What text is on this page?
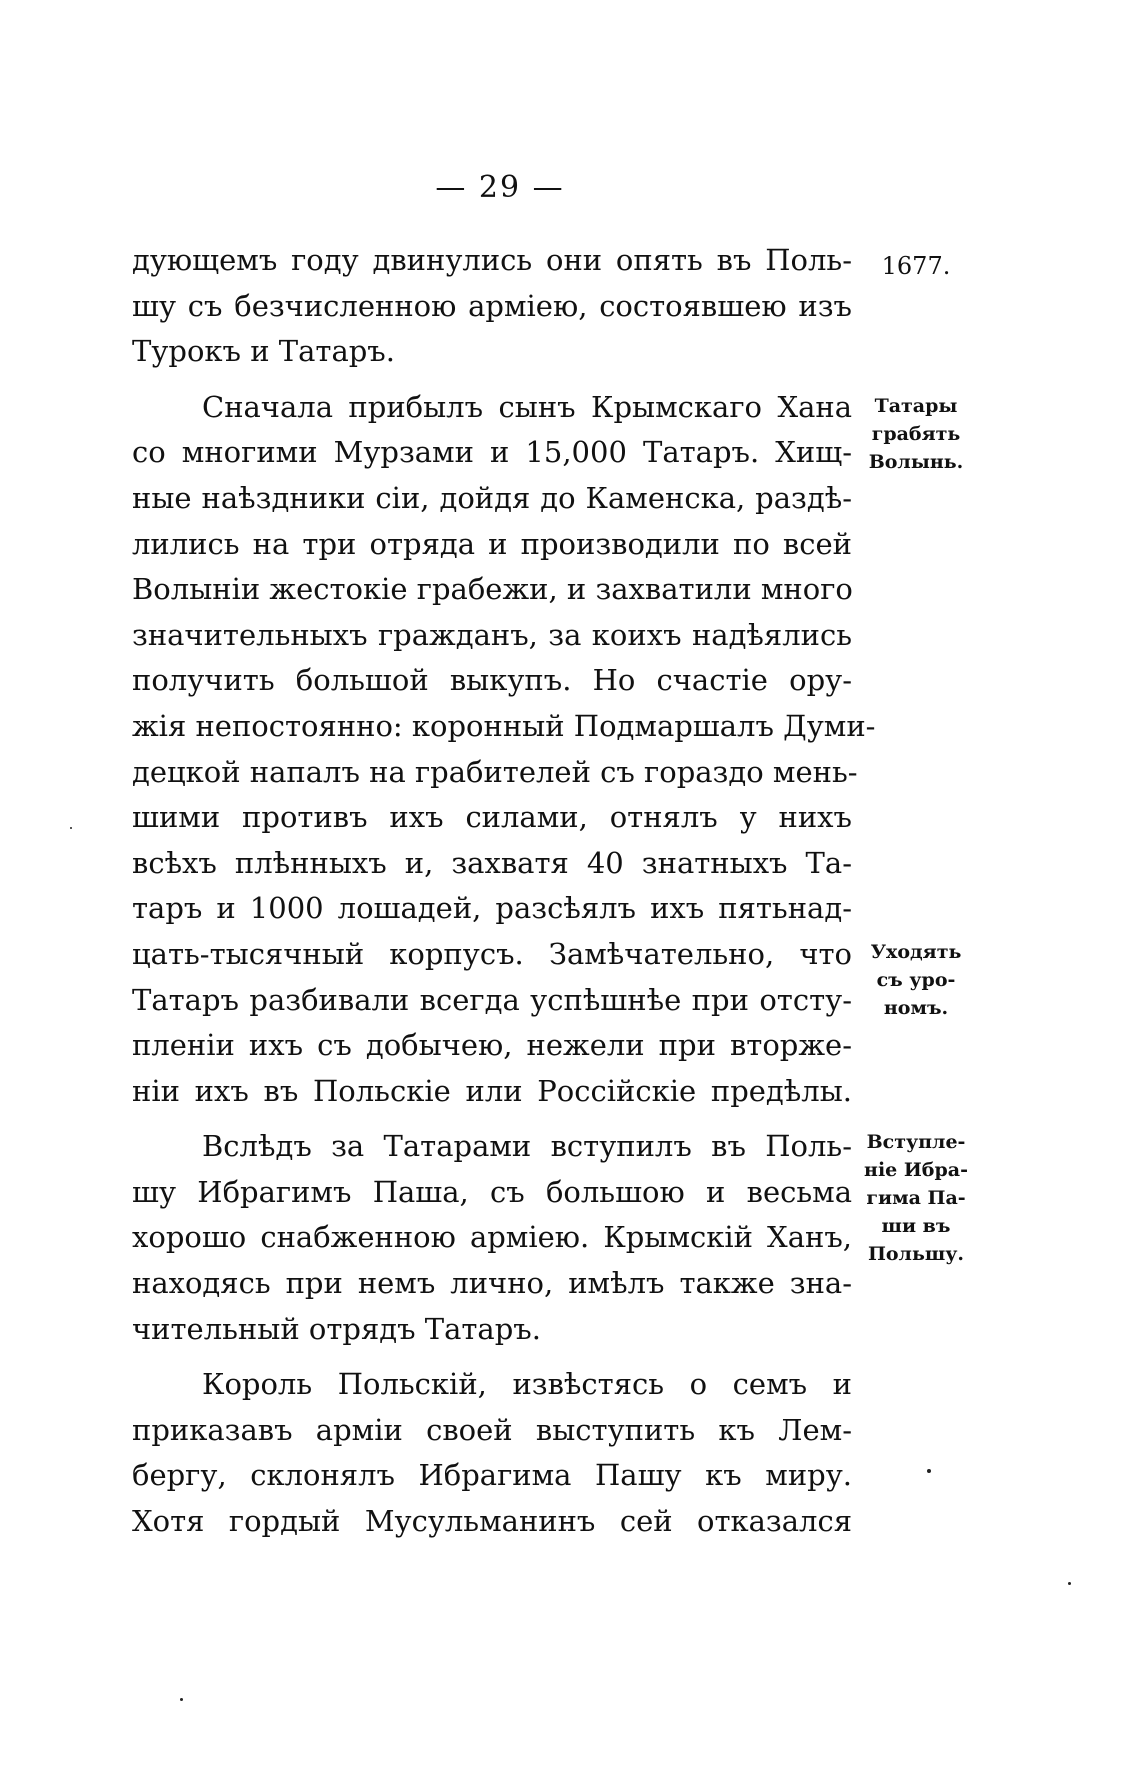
— 29 —
дующемъ году двинулись они опять въ Поль-
шу съ безчисленною арміею, состоявшею изъ
Турокъ и Татаръ.
Сначала прибылъ сынъ Крымскаго Хана
со многими Мурзами и 15,000 Татаръ. Хищ-
ные наѣздники сіи, дойдя до Каменска, раздѣ-
лились на три отряда и производили по всей
Волыніи жестокіе грабежи, и захватили много
значительныхъ гражданъ, за коихъ надѣялись
получить большой выкупъ. Но счастіе ору-
жія непостоянно: коронный Подмаршалъ Думи-
децкой напалъ на грабителей съ гораздо мень-
шими противъ ихъ силами, отнялъ у нихъ
всѣхъ плѣнныхъ и, захватя 40 знатныхъ Та-
таръ и 1000 лошадей, разсѣялъ ихъ пятьнад-
цать-тысячный корпусъ. Замѣчательно, что
Татаръ разбивали всегда успѣшнѣе при отсту-
пленіи ихъ съ добычею, нежели при вторже-
ніи ихъ въ Польскіе или Россійскіе предѣлы.
Вслѣдъ за Татарами вступилъ въ Поль-
шу Ибрагимъ Паша, съ большою и весьма
хорошо снабженною арміею. Крымскій Ханъ,
находясь при немъ лично, имѣлъ также зна-
чительный отрядъ Татаръ.
Король Польскій, извѣстясь о семъ и
приказавъ арміи своей выступить къ Лем-
бергу, склонялъ Ибрагима Пашу къ миру.
Хотя гордый Мусульманинъ сей отказался
1677.
Татары
грабять
Волынь.
Уходять
съ уро-
номъ.
Вступле-
ніе Ибра-
гима Па-
ши въ
Польшу.
